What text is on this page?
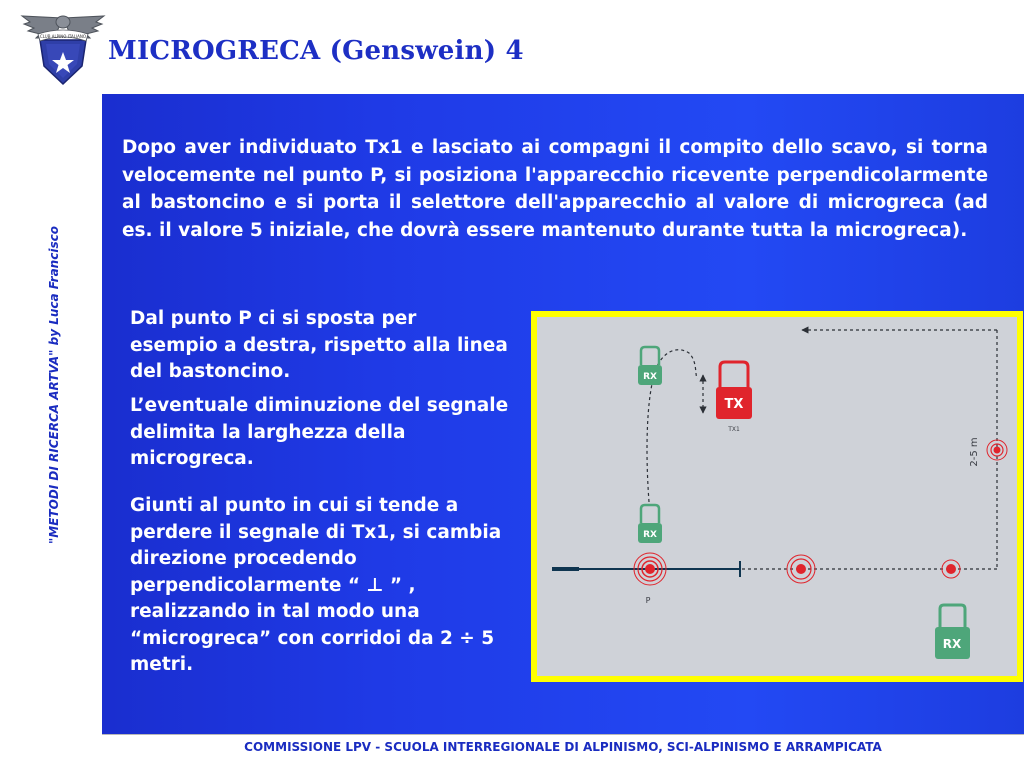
CLUB ALPINO ITALIANO MICROGRECA (Genswein) 4
"METODI DI RICERCA ARTVA" by Luca Francisco

Dopo aver individuato Tx1 e lasciato ai compagni il compito dello scavo, si torna velocemente nel punto P, si posiziona l'apparecchio ricevente perpendicolarmente al bastoncino e si porta il selettore dell'apparecchio al valore di microgreca (ad es. il valore 5 iniziale, che dovrà essere mantenuto durante tutta la microgreca).

Dal punto P ci si sposta per esempio a destra, rispetto alla linea del bastoncino.

L’eventuale diminuzione del segnale delimita la larghezza della microgreca.

Giunti al punto in cui si tende a perdere il segnale di Tx1, si cambia direzione procedendo perpendicolarmente “ ⊥ ” , realizzando in tal modo una “microgreca” con corridoi da 2 ÷ 5 metri.

RX
TX
TX1
RX
P
2-5 m
RX
COMMISSIONE LPV - SCUOLA INTERREGIONALE DI ALPINISMO, SCI-ALPINISMO E ARRAMPICATA
